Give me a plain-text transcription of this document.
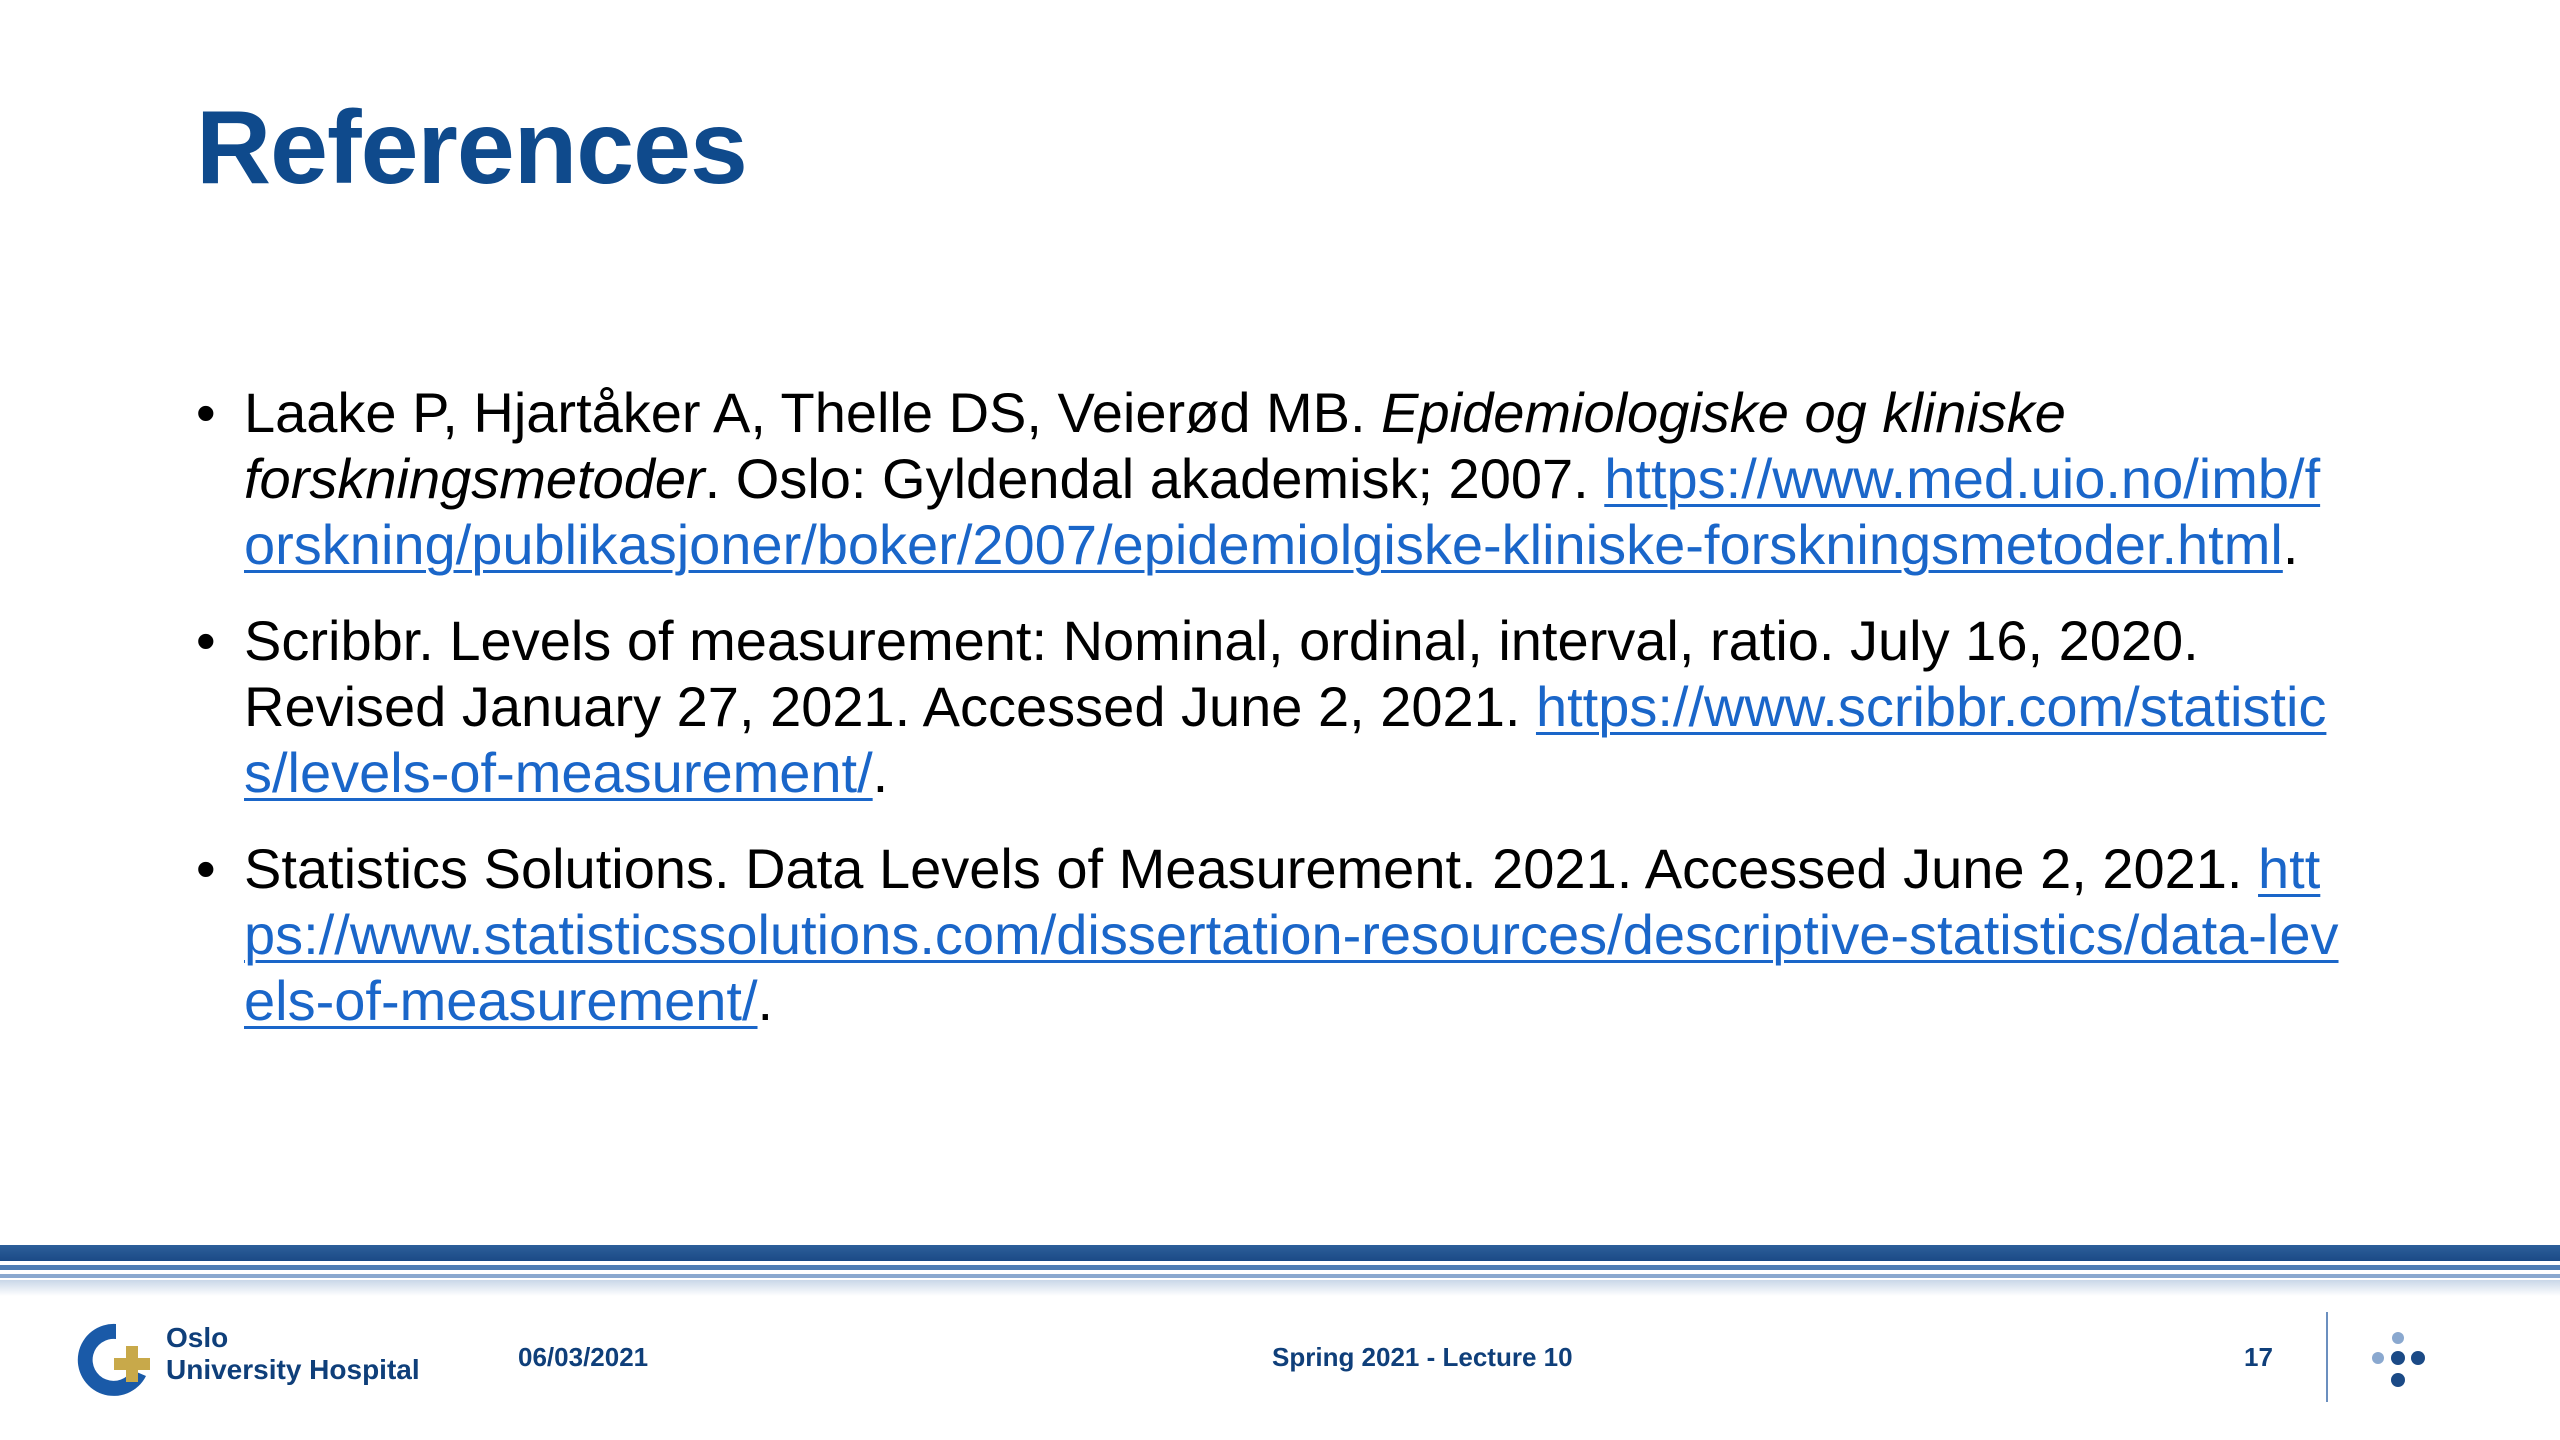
References
• Laake P, Hjartåker A, Thelle DS, Veierød MB. Epidemiologiske og kliniske forskningsmetoder. Oslo: Gyldendal akademisk; 2007. https://www.med.uio.no/imb/forskning/publikasjoner/boker/2007/epidemiolgiske-kliniske-forskningsmetoder.html.
• Scribbr. Levels of measurement: Nominal, ordinal, interval, ratio. July 16, 2020. Revised January 27, 2021. Accessed June 2, 2021. https://www.scribbr.com/statistics/levels-of-measurement/.
• Statistics Solutions. Data Levels of Measurement. 2021. Accessed June 2, 2021. https://www.statisticssolutions.com/dissertation-resources/descriptive-statistics/data-levels-of-measurement/.
Oslo
University Hospital	06/03/2021	Spring 2021 - Lecture 10	17
